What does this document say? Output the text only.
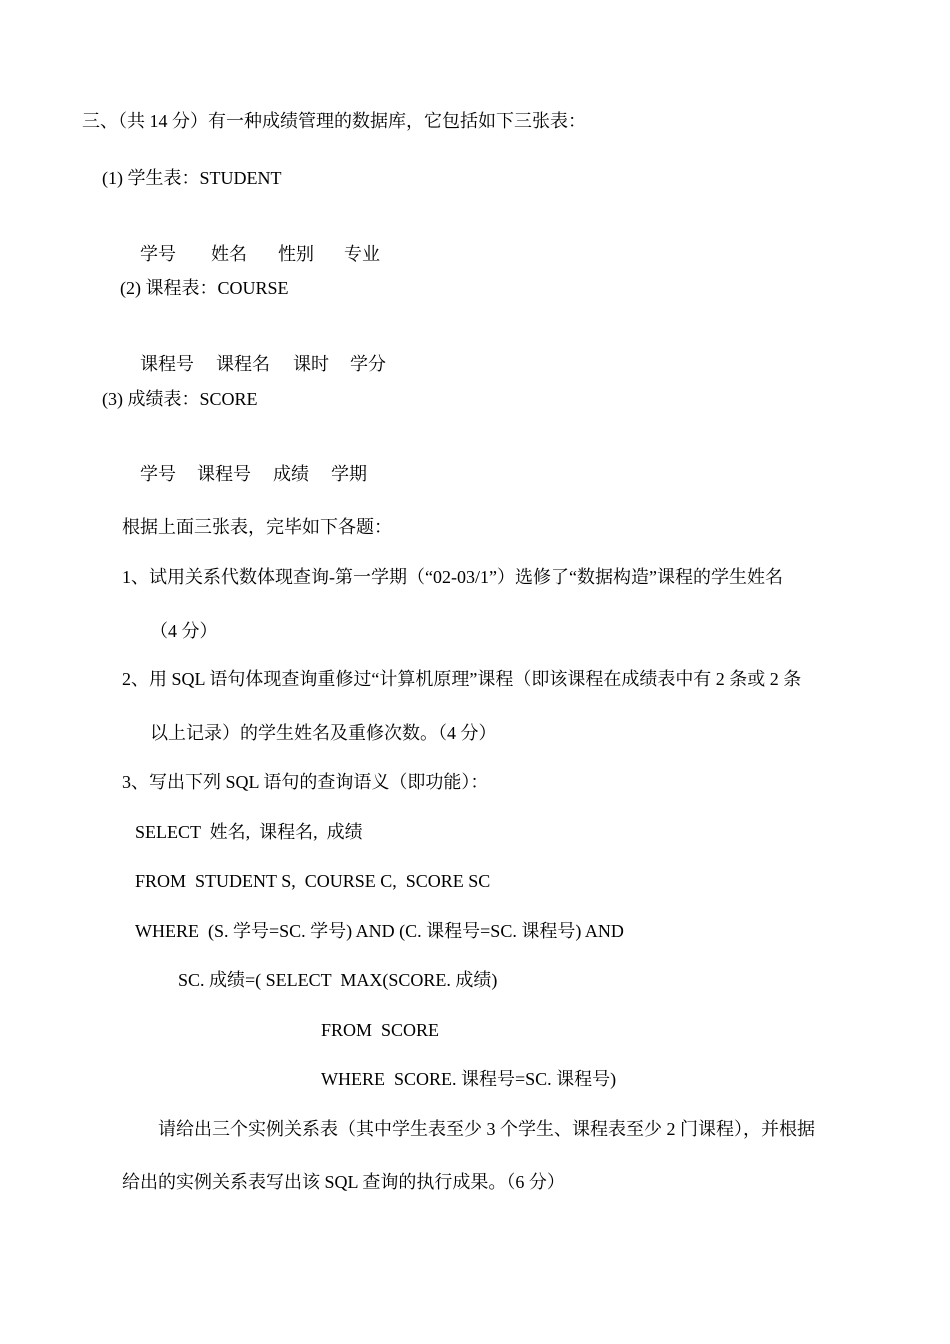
三、（共 14 分）有一种成绩管理的数据库，它包括如下三张表：
(1) 学生表：STUDENT

学号 姓名 性别 专业

(2) 课程表：COURSE

课程号 课程名 课时 学分

(3) 成绩表：SCORE

学号 课程号 成绩 学期

根据上面三张表，完毕如下各题：
1、试用关系代数体现查询-第一学期（“02-03/1”）选修了“数据构造”课程的学生姓名
（4 分）
2、用 SQL 语句体现查询重修过“计算机原理”课程（即该课程在成绩表中有 2 条或 2 条
以上记录）的学生姓名及重修次数。（4 分）
3、写出下列 SQL 语句的查询语义（即功能）：
SELECT  姓名,  课程名,  成绩
FROM  STUDENT S,  COURSE C,  SCORE SC
WHERE  (S. 学号=SC. 学号) AND (C. 课程号=SC. 课程号) AND
SC. 成绩=( SELECT  MAX(SCORE. 成绩)
FROM  SCORE
WHERE  SCORE. 课程号=SC. 课程号)
请给出三个实例关系表（其中学生表至少 3 个学生、课程表至少 2 门课程），并根据
给出的实例关系表写出该 SQL 查询的执行成果。（6 分）
